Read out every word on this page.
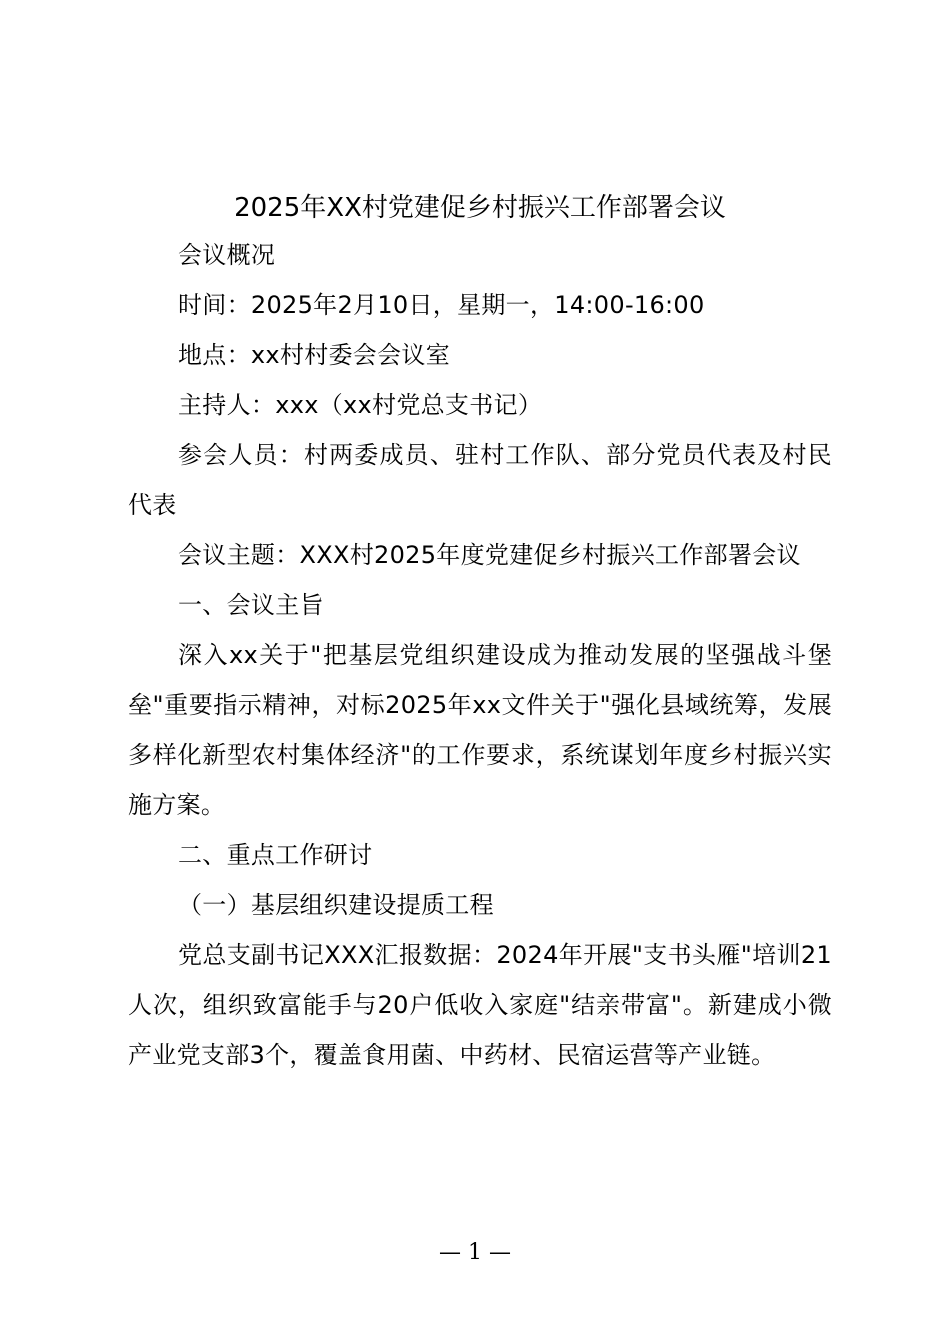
2025年XX村党建促乡村振兴工作部署会议

会议概况

时间：2025年2月10日，星期一，14:00-16:00

地点：xx村村委会会议室

主持人：xxx（xx村党总支书记）

参会人员：村两委成员、驻村工作队、部分党员代表及村民代表

会议主题：XXX村2025年度党建促乡村振兴工作部署会议

一、会议主旨

深入xx关于"把基层党组织建设成为推动发展的坚强战斗堡垒"重要指示精神，对标2025年xx文件关于"强化县域统筹，发展多样化新型农村集体经济"的工作要求，系统谋划年度乡村振兴实施方案。

二、重点工作研讨

（一）基层组织建设提质工程

党总支副书记XXX汇报数据：2024年开展"支书头雁"培训21人次，组织致富能手与20户低收入家庭"结亲带富"。新建成小微产业党支部3个，覆盖食用菌、中药材、民宿运营等产业链。

— 1 —
